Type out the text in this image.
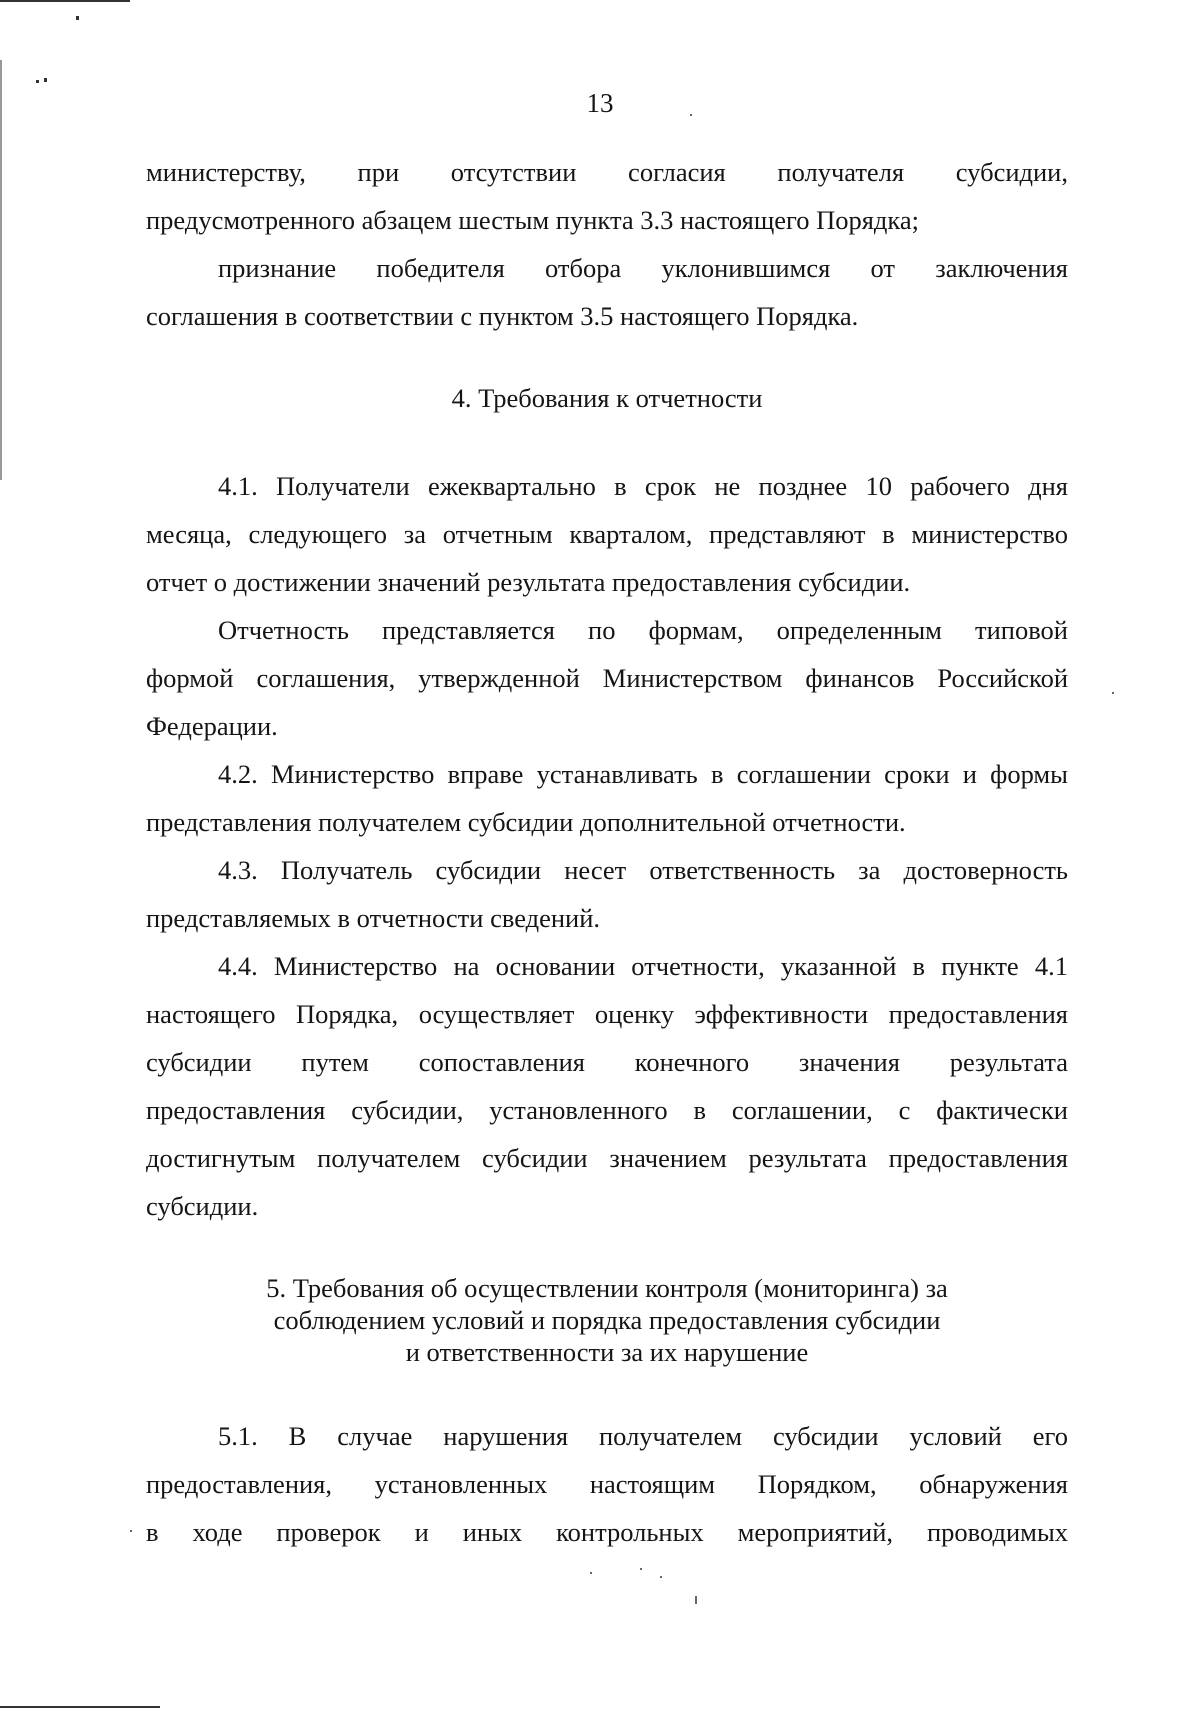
13
министерству, при отсутствии согласия получателя субсидии,
предусмотренного абзацем шестым пункта 3.3 настоящего Порядка;
признание победителя отбора уклонившимся от заключения
соглашения в соответствии с пунктом 3.5 настоящего Порядка.
4. Требования к отчетности
4.1. Получатели ежеквартально в срок не позднее 10 рабочего дня
месяца, следующего за отчетным кварталом, представляют в министерство
отчет о достижении значений результата предоставления субсидии.
Отчетность представляется по формам, определенным типовой
формой соглашения, утвержденной Министерством финансов Российской
Федерации.
4.2. Министерство вправе устанавливать в соглашении сроки и формы
представления получателем субсидии дополнительной отчетности.
4.3. Получатель субсидии несет ответственность за достоверность
представляемых в отчетности сведений.
4.4. Министерство на основании отчетности, указанной в пункте 4.1
настоящего Порядка, осуществляет оценку эффективности предоставления
субсидии путем сопоставления конечного значения результата
предоставления субсидии, установленного в соглашении, с фактически
достигнутым получателем субсидии значением результата предоставления
субсидии.
5. Требования об осуществлении контроля (мониторинга) за
соблюдением условий и порядка предоставления субсидии
и ответственности за их нарушение
5.1. В случае нарушения получателем субсидии условий его
предоставления, установленных настоящим Порядком, обнаружения
в ходе проверок и иных контрольных мероприятий, проводимых
